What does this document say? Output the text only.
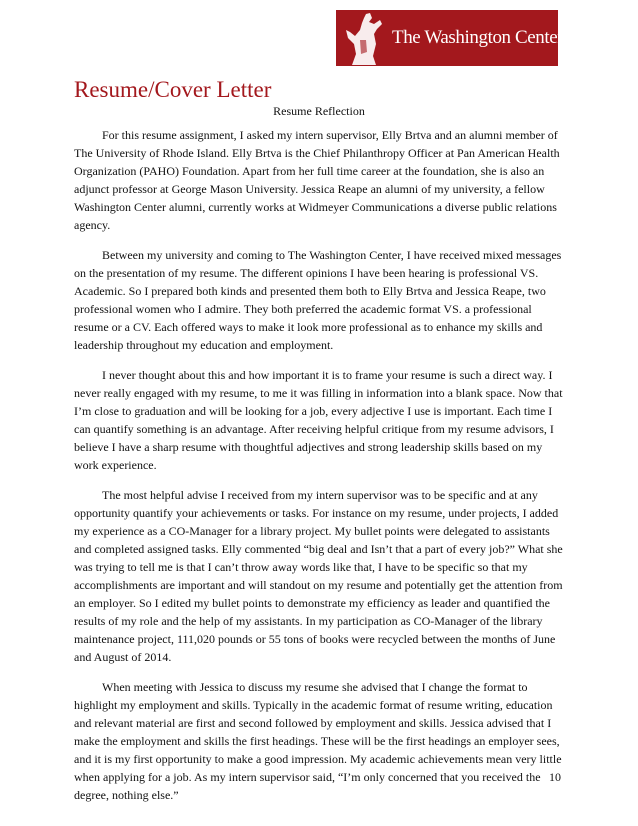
The Washington Center
Resume/Cover Letter
Resume Reflection

For this resume assignment, I asked my intern supervisor, Elly Brtva and an alumni member of The University of Rhode Island. Elly Brtva is the Chief Philanthropy Officer at Pan American Health Organization (PAHO) Foundation. Apart from her full time career at the foundation, she is also an adjunct professor at George Mason University. Jessica Reape an alumni of my university, a fellow Washington Center alumni, currently works at Widmeyer Communications a diverse public relations agency.

Between my university and coming to The Washington Center, I have received mixed messages on the presentation of my resume. The different opinions I have been hearing is professional VS. Academic. So I prepared both kinds and presented them both to Elly Brtva and Jessica Reape, two professional women who I admire. They both preferred the academic format VS. a professional resume or a CV. Each offered ways to make it look more professional as to enhance my skills and leadership throughout my education and employment.

I never thought about this and how important it is to frame your resume is such a direct way. I never really engaged with my resume, to me it was filling in information into a blank space. Now that I’m close to graduation and will be looking for a job, every adjective I use is important. Each time I can quantify something is an advantage. After receiving helpful critique from my resume advisors, I believe I have a sharp resume with thoughtful adjectives and strong leadership skills based on my work experience.

The most helpful advise I received from my intern supervisor was to be specific and at any opportunity quantify your achievements or tasks. For instance on my resume, under projects, I added my experience as a CO-Manager for a library project. My bullet points were delegated to assistants and completed assigned tasks. Elly commented “big deal and Isn’t that a part of every job?” What she was trying to tell me is that I can’t throw away words like that, I have to be specific so that my accomplishments are important and will standout on my resume and potentially get the attention from an employer. So I edited my bullet points to demonstrate my efficiency as leader and quantified the results of my role and the help of my assistants. In my participation as CO-Manager of the library maintenance project, 111,020 pounds or 55 tons of books were recycled between the months of June and August of 2014.

When meeting with Jessica to discuss my resume she advised that I change the format to highlight my employment and skills. Typically in the academic format of resume writing, education and relevant material are first and second followed by employment and skills. Jessica advised that I make the employment and skills the first headings. These will be the first headings an employer sees, and it is my first opportunity to make a good impression. My academic achievements mean very little when applying for a job. As my intern supervisor said, “I’m only concerned that you received the degree, nothing else.”

10
